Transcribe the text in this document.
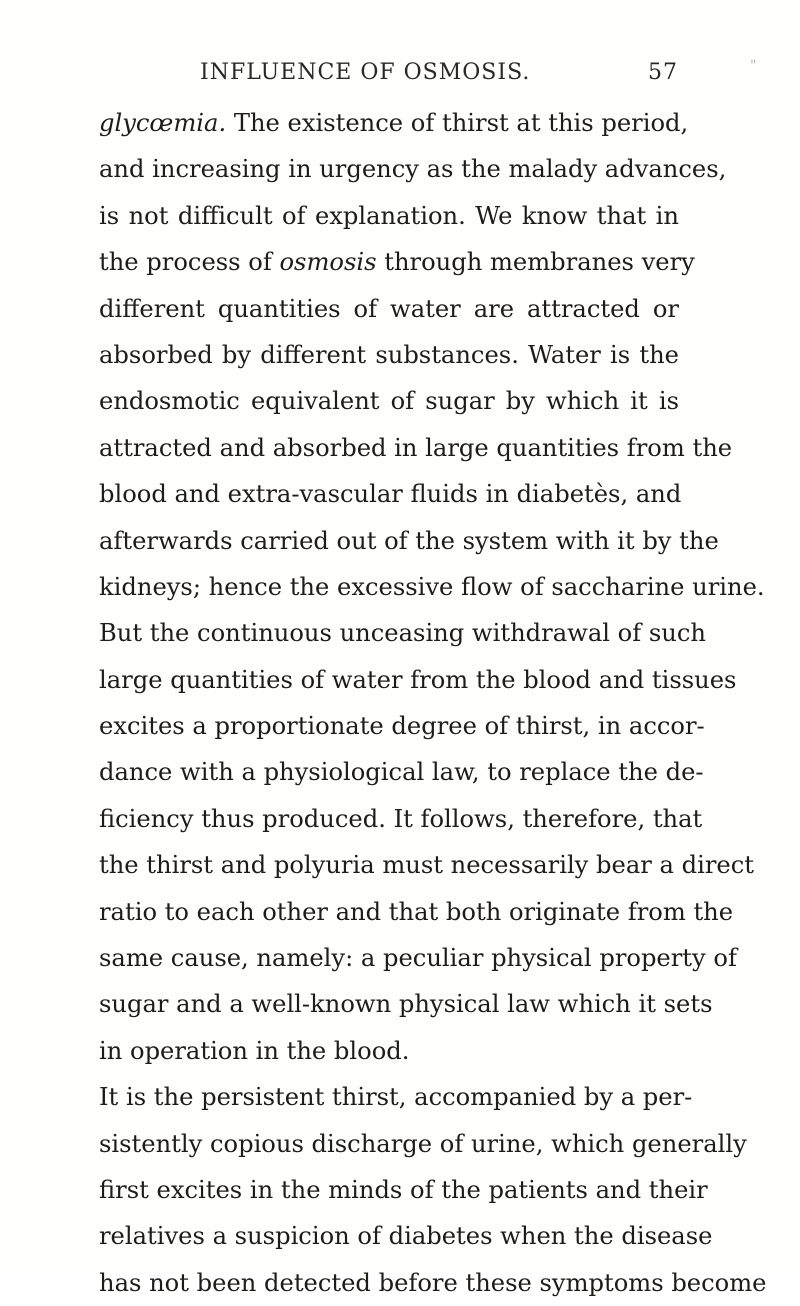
INFLUENCE OF OSMOSIS.	57	"
glycœmia. The existence of thirst at this period,
and increasing in urgency as the malady advances,
is not difficult of explanation. We know that in
the process of osmosis through membranes very
different quantities of water are attracted or
absorbed by different substances. Water is the
endosmotic equivalent of sugar by which it is
attracted and absorbed in large quantities from the
blood and extra-vascular fluids in diabetès, and
afterwards carried out of the system with it by the
kidneys; hence the excessive flow of saccharine urine.
But the continuous unceasing withdrawal of such
large quantities of water from the blood and tissues
excites a proportionate degree of thirst, in accor-
dance with a physiological law, to replace the de-
ficiency thus produced. It follows, therefore, that
the thirst and polyuria must necessarily bear a direct
ratio to each other and that both originate from the
same cause, namely: a peculiar physical property of
sugar and a well-known physical law which it sets
in operation in the blood.
It is the persistent thirst, accompanied by a per-
sistently copious discharge of urine, which generally
first excites in the minds of the patients and their
relatives a suspicion of diabetes when the disease
has not been detected before these symptoms become
